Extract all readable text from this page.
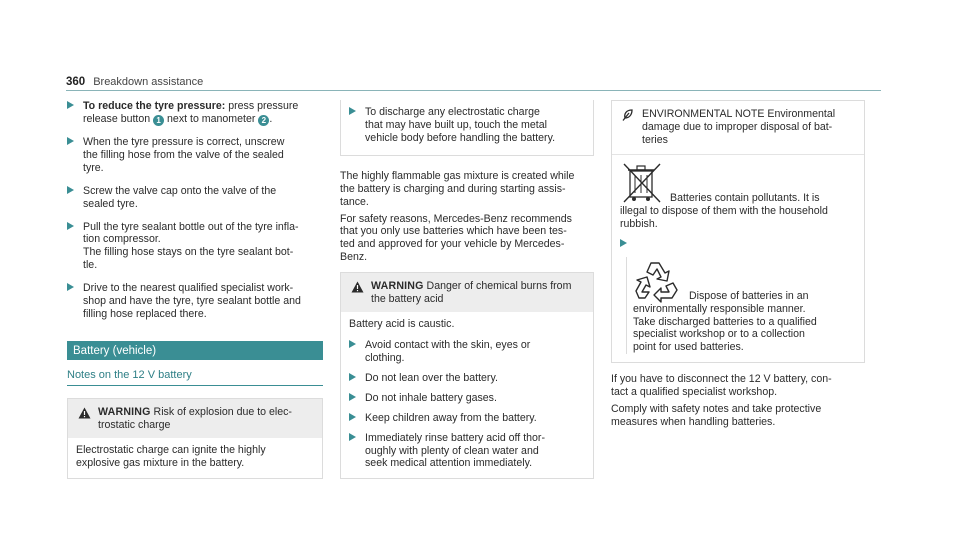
360 Breakdown assistance
To reduce the tyre pressure: press pressure
release button 1 next to manometer 2 .
When the tyre pressure is correct, unscrew
the filling hose from the valve of the sealed
tyre.
Screw the valve cap onto the valve of the
sealed tyre.
Pull the tyre sealant bottle out of the tyre infla-
tion compressor.
The filling hose stays on the tyre sealant bot-
tle.
Drive to the nearest qualified specialist work-
shop and have the tyre, tyre sealant bottle and
filling hose replaced there.
Battery (vehicle)
Notes on the 12 V battery
WARNING Risk of explosion due to elec-
trostatic charge
Electrostatic charge can ignite the highly
explosive gas mixture in the battery.
To discharge any electrostatic charge
that may have built up, touch the metal
vehicle body before handling the battery.

The highly flammable gas mixture is created while
the battery is charging and during starting assis-
tance.

For safety reasons, Mercedes-Benz recommends
that you only use batteries which have been tes-
ted and approved for your vehicle by Mercedes-
Benz.

WARNING Danger of chemical burns from
the battery acid

Battery acid is caustic.

Avoid contact with the skin, eyes or
clothing.
Do not lean over the battery.
Do not inhale battery gases.
Keep children away from the battery.
Immediately rinse battery acid off thor-
oughly with plenty of clean water and
seek medical attention immediately.
ENVIRONMENTAL NOTE Environmental
damage due to improper disposal of bat-
teries
Batteries contain pollutants. It is
illegal to dispose of them with the household
rubbish.
Dispose of batteries in an
environmentally responsible manner.
Take discharged batteries to a qualified
specialist workshop or to a collection
point for used batteries.

If you have to disconnect the 12 V battery, con-
tact a qualified specialist workshop.

Comply with safety notes and take protective
measures when handling batteries.
